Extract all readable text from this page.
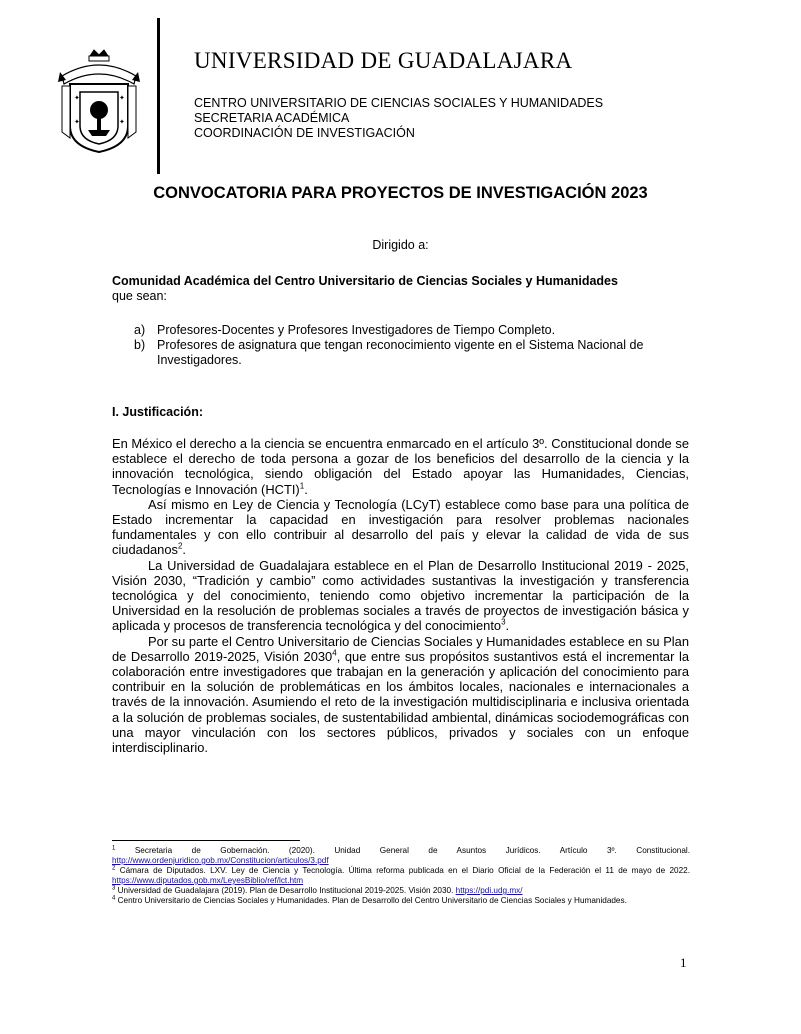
✦	✦
✦	✦
UNIVERSIDAD DE GUADALAJARA
CENTRO UNIVERSITARIO DE CIENCIAS SOCIALES Y HUMANIDADES
SECRETARIA ACADÉMICA
COORDINACIÓN DE INVESTIGACIÓN
CONVOCATORIA PARA PROYECTOS DE INVESTIGACIÓN 2023
Dirigido a:
Comunidad Académica del Centro Universitario de Ciencias Sociales y Humanidades
que sean:
a) Profesores-Docentes y Profesores Investigadores de Tiempo Completo.
b) Profesores de asignatura que tengan reconocimiento vigente en el Sistema Nacional de Investigadores.
I. Justificación:

En México el derecho a la ciencia se encuentra enmarcado en el artículo 3º. Constitucional donde se establece el derecho de toda persona a gozar de los beneficios del desarrollo de la ciencia y la innovación tecnológica, siendo obligación del Estado apoyar las Humanidades, Ciencias, Tecnologías e Innovación (HCTI)$^1$.

Así mismo en Ley de Ciencia y Tecnología (LCyT) establece como base para una política de Estado incrementar la capacidad en investigación para resolver problemas nacionales fundamentales y con ello contribuir al desarrollo del país y elevar la calidad de vida de sus ciudadanos$^2$.

La Universidad de Guadalajara establece en el Plan de Desarrollo Institucional 2019 - 2025, Visión 2030, “Tradición y cambio” como actividades sustantivas la investigación y transferencia tecnológica y del conocimiento, teniendo como objetivo incrementar la participación de la Universidad en la resolución de problemas sociales a través de proyectos de investigación básica y aplicada y procesos de transferencia tecnológica y del conocimiento$^3$.

Por su parte el Centro Universitario de Ciencias Sociales y Humanidades establece en su Plan de Desarrollo 2019-2025, Visión 2030$^4$, que entre sus propósitos sustantivos está el incrementar la colaboración entre investigadores que trabajan en la generación y aplicación del conocimiento para contribuir en la solución de problemáticas en los ámbitos locales, nacionales e internacionales a través de la innovación. Asumiendo el reto de la investigación multidisciplinaria e inclusiva orientada a la solución de problemas sociales, de sustentabilidad ambiental, dinámicas sociodemográficas con una mayor vinculación con los sectores públicos, privados y sociales con un enfoque interdisciplinario.

$^1$ Secretaria de Gobernación. (2020). Unidad General de Asuntos Jurídicos. Artículo 3º. Constitucional. http://www.ordenjuridico.gob.mx/Constitucion/articulos/3.pdf

$^2$ Cámara de Diputados. LXV. Ley de Ciencia y Tecnología. Última reforma publicada en el Diario Oficial de la Federación el 11 de mayo de 2022. https://www.diputados.gob.mx/LeyesBiblio/ref/lct.htm

$^3$ Universidad de Guadalajara (2019). Plan de Desarrollo Institucional 2019-2025. Visión 2030. https://pdi.udg.mx/

$^4$ Centro Universitario de Ciencias Sociales y Humanidades. Plan de Desarrollo del Centro Universitario de Ciencias Sociales y Humanidades.

1
